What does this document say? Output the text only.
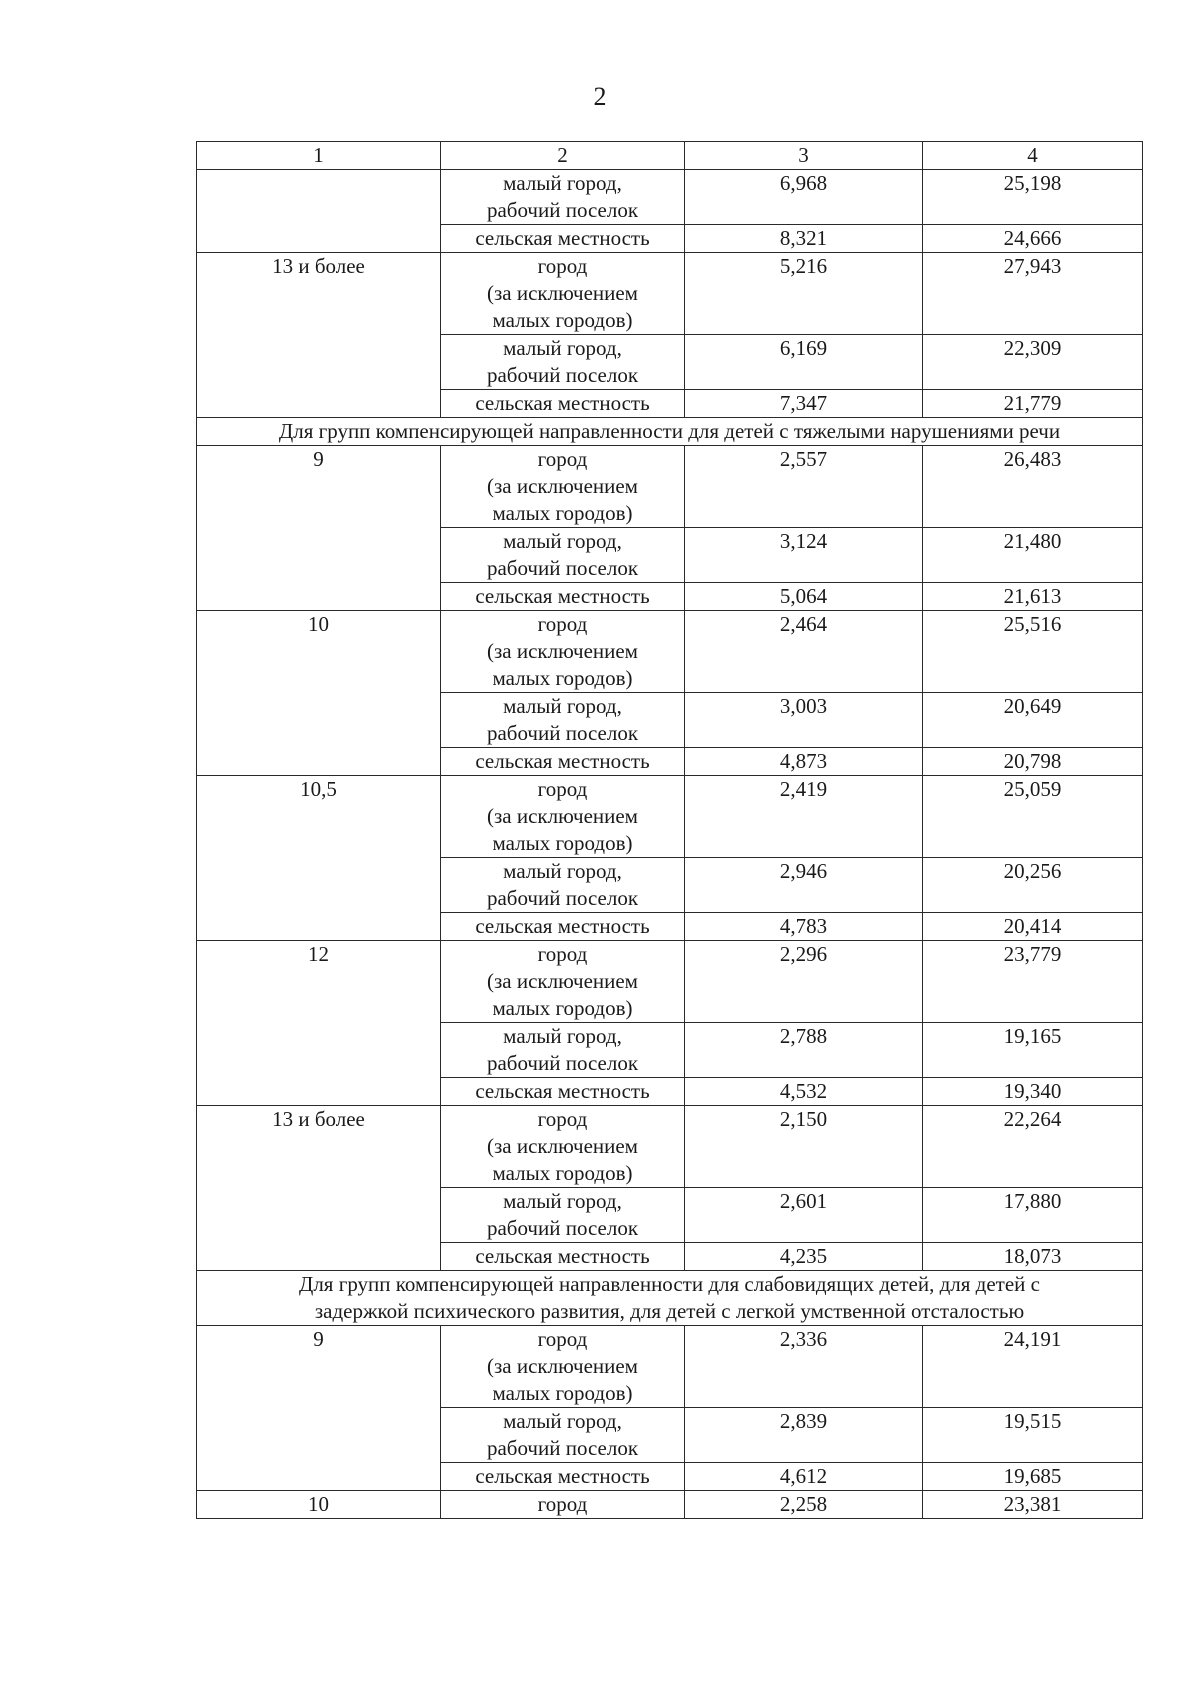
2
1	2	3	4
	малый город,
рабочий поселок	6,968	25,198
	сельская местность	8,321	24,666
13 и более	город
(за исключением
малых городов)	5,216	27,943
	малый город,
рабочий поселок	6,169	22,309
	сельская местность	7,347	21,779
Для групп компенсирующей направленности для детей с тяжелыми нарушениями речи			
9	город
(за исключением
малых городов)	2,557	26,483
	малый город,
рабочий поселок	3,124	21,480
	сельская местность	5,064	21,613
10	город
(за исключением
малых городов)	2,464	25,516
	малый город,
рабочий поселок	3,003	20,649
	сельская местность	4,873	20,798
10,5	город
(за исключением
малых городов)	2,419	25,059
	малый город,
рабочий поселок	2,946	20,256
	сельская местность	4,783	20,414
12	город
(за исключением
малых городов)	2,296	23,779
	малый город,
рабочий поселок	2,788	19,165
	сельская местность	4,532	19,340
13 и более	город
(за исключением
малых городов)	2,150	22,264
	малый город,
рабочий поселок	2,601	17,880
	сельская местность	4,235	18,073
Для групп компенсирующей направленности для слабовидящих детей, для детей с
задержкой психического развития, для детей с легкой умственной отсталостью			
9	город
(за исключением
малых городов)	2,336	24,191
	малый город,
рабочий поселок	2,839	19,515
	сельская местность	4,612	19,685
10	город	2,258	23,381
